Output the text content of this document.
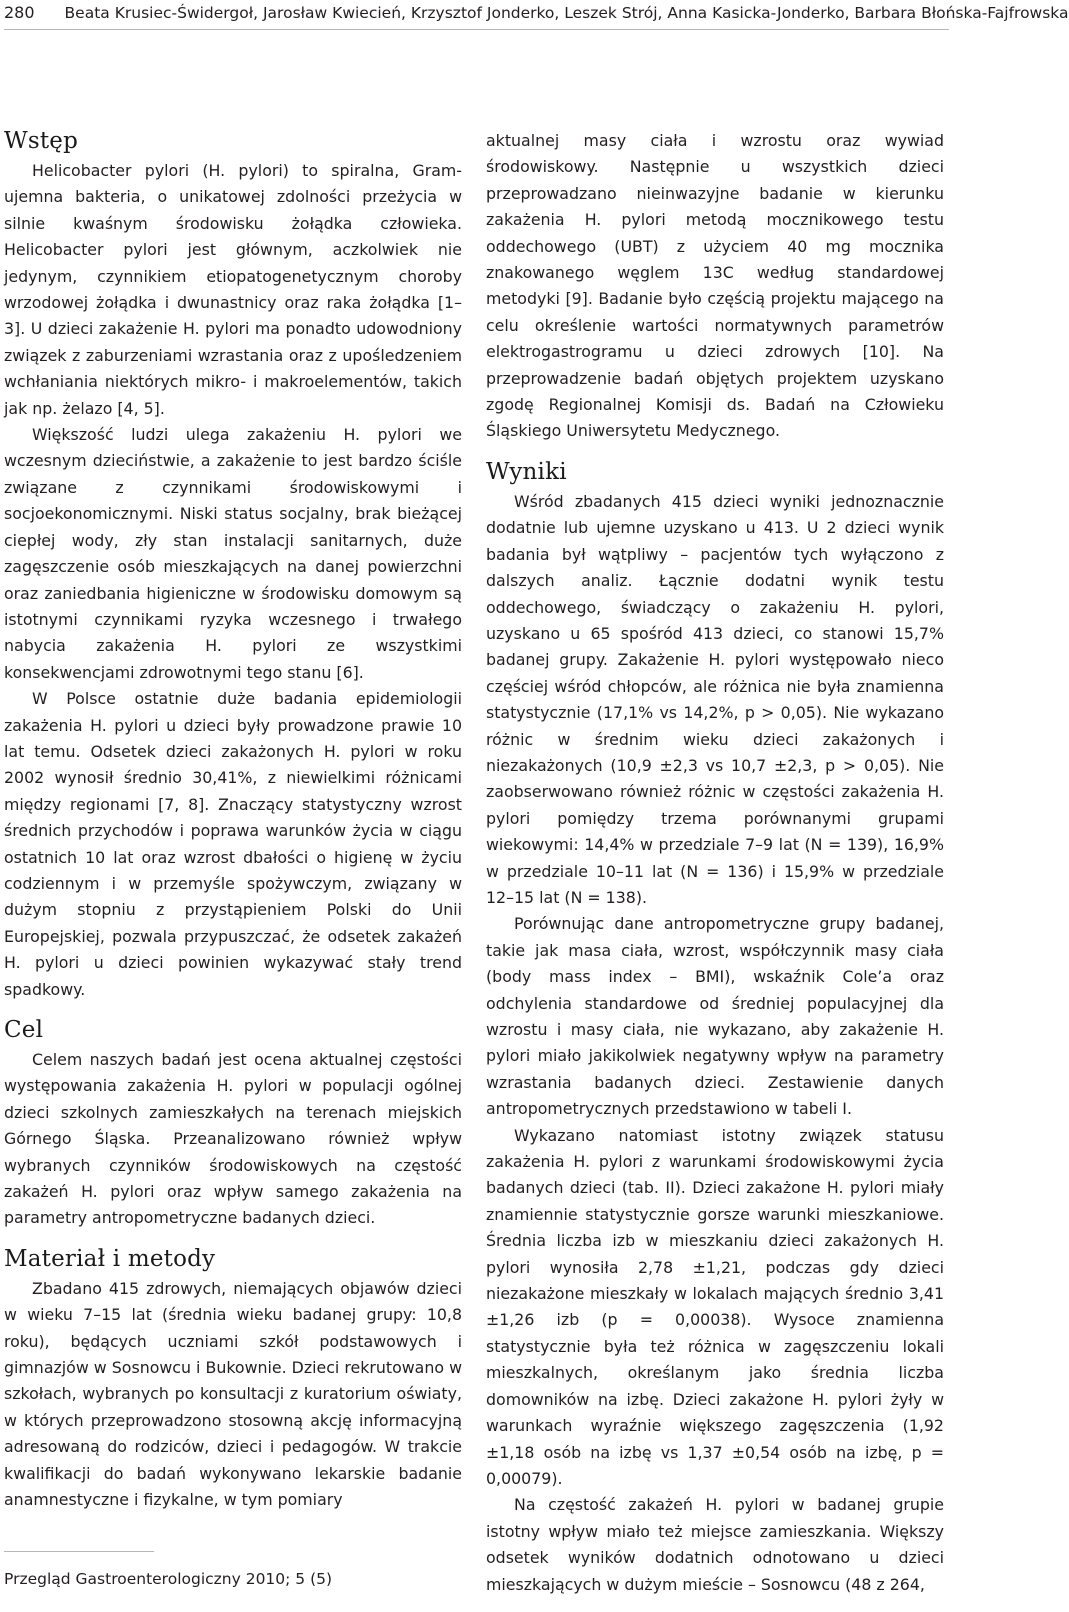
280 Beata Krusiec-Świdergoł, Jarosław Kwiecień, Krzysztof Jonderko, Leszek Strój, Anna Kasicka-Jonderko, Barbara Błońska-Fajfrowska
Wstęp

Helicobacter pylori (H. pylori) to spiralna, Gram-ujemna bakteria, o unikatowej zdolności przeżycia w silnie kwaśnym środowisku żołądka człowieka. Helicobacter pylori jest głównym, aczkolwiek nie jedynym, czynnikiem etiopatogenetycznym choroby wrzodowej żołądka i dwunastnicy oraz raka żołądka [1–3]. U dzieci zakażenie H. pylori ma ponadto udowodniony związek z zaburzeniami wzrastania oraz z upośledzeniem wchłaniania niektórych mikro- i makroelementów, takich jak np. żelazo [4, 5].

Większość ludzi ulega zakażeniu H. pylori we wczesnym dzieciństwie, a zakażenie to jest bardzo ściśle związane z czynnikami środowiskowymi i socjoekonomicznymi. Niski status socjalny, brak bieżącej ciepłej wody, zły stan instalacji sanitarnych, duże zagęszczenie osób mieszkających na danej powierzchni oraz zaniedbania higieniczne w środowisku domowym są istotnymi czynnikami ryzyka wczesnego i trwałego nabycia zakażenia H. pylori ze wszystkimi konsekwencjami zdrowotnymi tego stanu [6].

W Polsce ostatnie duże badania epidemiologii zakażenia H. pylori u dzieci były prowadzone prawie 10 lat temu. Odsetek dzieci zakażonych H. pylori w roku 2002 wynosił średnio 30,41%, z niewielkimi różnicami między regionami [7, 8]. Znaczący statystyczny wzrost średnich przychodów i poprawa warunków życia w ciągu ostatnich 10 lat oraz wzrost dbałości o higienę w życiu codziennym i w przemyśle spożywczym, związany w dużym stopniu z przystąpieniem Polski do Unii Europejskiej, pozwala przypuszczać, że odsetek zakażeń H. pylori u dzieci powinien wykazywać stały trend spadkowy.

Cel

Celem naszych badań jest ocena aktualnej częstości występowania zakażenia H. pylori w populacji ogólnej dzieci szkolnych zamieszkałych na terenach miejskich Górnego Śląska. Przeanalizowano również wpływ wybranych czynników środowiskowych na częstość zakażeń H. pylori oraz wpływ samego zakażenia na parametry antropometryczne badanych dzieci.

Materiał i metody

Zbadano 415 zdrowych, niemających objawów dzieci w wieku 7–15 lat (średnia wieku badanej grupy: 10,8 roku), będących uczniami szkół podstawowych i gimnazjów w Sosnowcu i Bukownie. Dzieci rekrutowano w szkołach, wybranych po konsultacji z kuratorium oświaty, w których przeprowadzono stosowną akcję informacyjną adresowaną do rodziców, dzieci i pedagogów. W trakcie kwalifikacji do badań wykonywano lekarskie badanie anamnestyczne i fizykalne, w tym pomiary

aktualnej masy ciała i wzrostu oraz wywiad środowiskowy. Następnie u wszystkich dzieci przeprowadzano nieinwazyjne badanie w kierunku zakażenia H. pylori metodą mocznikowego testu oddechowego (UBT) z użyciem 40 mg mocznika znakowanego węglem 13C według standardowej metodyki [9]. Badanie było częścią projektu mającego na celu określenie wartości normatywnych parametrów elektrogastrogramu u dzieci zdrowych [10]. Na przeprowadzenie badań objętych projektem uzyskano zgodę Regionalnej Komisji ds. Badań na Człowieku Śląskiego Uniwersytetu Medycznego.

Wyniki

Wśród zbadanych 415 dzieci wyniki jednoznacznie dodatnie lub ujemne uzyskano u 413. U 2 dzieci wynik badania był wątpliwy – pacjentów tych wyłączono z dalszych analiz. Łącznie dodatni wynik testu oddechowego, świadczący o zakażeniu H. pylori, uzyskano u 65 spośród 413 dzieci, co stanowi 15,7% badanej grupy. Zakażenie H. pylori występowało nieco częściej wśród chłopców, ale różnica nie była znamienna statystycznie (17,1% vs 14,2%, p > 0,05). Nie wykazano różnic w średnim wieku dzieci zakażonych i niezakażonych (10,9 ±2,3 vs 10,7 ±2,3, p > 0,05). Nie zaobserwowano również różnic w częstości zakażenia H. pylori pomiędzy trzema porównanymi grupami wiekowymi: 14,4% w przedziale 7–9 lat (N = 139), 16,9% w przedziale 10–11 lat (N = 136) i 15,9% w przedziale 12–15 lat (N = 138).

Porównując dane antropometryczne grupy badanej, takie jak masa ciała, wzrost, współczynnik masy ciała (body mass index – BMI), wskaźnik Cole’a oraz odchylenia standardowe od średniej populacyjnej dla wzrostu i masy ciała, nie wykazano, aby zakażenie H. pylori miało jakikolwiek negatywny wpływ na parametry wzrastania badanych dzieci. Zestawienie danych antropometrycznych przedstawiono w tabeli I.

Wykazano natomiast istotny związek statusu zakażenia H. pylori z warunkami środowiskowymi życia badanych dzieci (tab. II). Dzieci zakażone H. pylori miały znamiennie statystycznie gorsze warunki mieszkaniowe. Średnia liczba izb w mieszkaniu dzieci zakażonych H. pylori wynosiła 2,78 ±1,21, podczas gdy dzieci niezakażone mieszkały w lokalach mających średnio 3,41 ±1,26 izb (p = 0,00038). Wysoce znamienna statystycznie była też różnica w zagęszczeniu lokali mieszkalnych, określanym jako średnia liczba domowników na izbę. Dzieci zakażone H. pylori żyły w warunkach wyraźnie większego zagęszczenia (1,92 ±1,18 osób na izbę vs 1,37 ±0,54 osób na izbę, p = 0,00079).

Na częstość zakażeń H. pylori w badanej grupie istotny wpływ miało też miejsce zamieszkania. Większy odsetek wyników dodatnich odnotowano u dzieci mieszkających w dużym mieście – Sosnowcu (48 z 264,

Przegląd Gastroenterologiczny 2010; 5 (5)
